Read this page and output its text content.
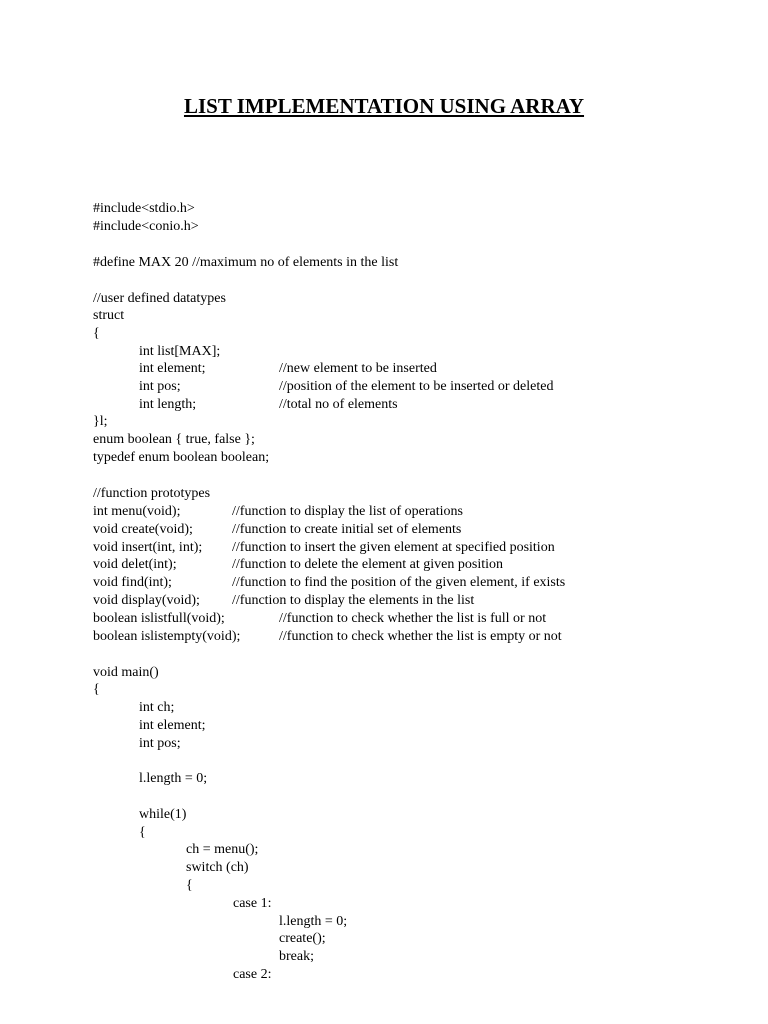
LIST IMPLEMENTATION USING ARRAY
#include<stdio.h>
#include<conio.h>
#define MAX 20 //maximum no of elements in the list
//user defined datatypes
struct
{
int list[MAX];
int element;	//new element to be inserted
int pos;	//position of the element to be inserted or deleted
int length;	//total no of elements
}l;
enum boolean { true, false };
typedef enum boolean boolean;
//function prototypes
int menu(void);	//function to display the list of operations
void create(void);	//function to create initial set of elements
void insert(int, int); //function to insert the given element at specified position
void delet(int);	//function to delete the element at given position
void find(int);	//function to find the position of the given element, if exists
void display(void); //function to display the elements in the list
boolean islistfull(void);	//function to check whether the list is full or not
boolean islistempty(void);	//function to check whether the list is empty or not
void main()
{
int ch;
int element;
int pos;
l.length = 0;
while(1)
{
ch = menu();
switch (ch)
{
case 1:
l.length = 0;
create();
break;
case 2:
